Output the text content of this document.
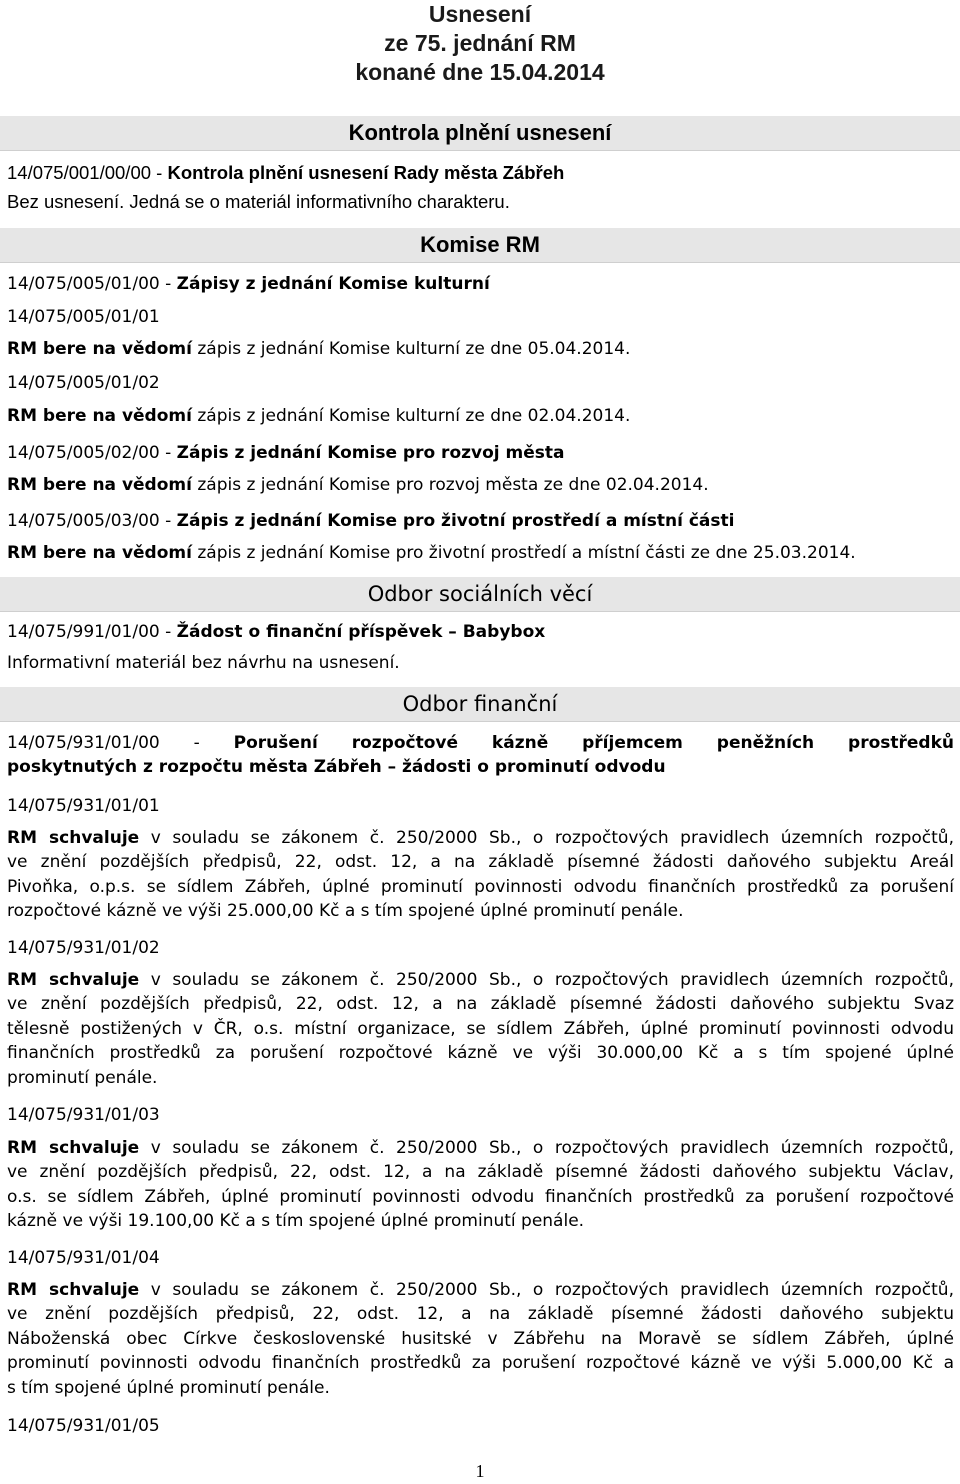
Usnesení
ze 75. jednání RM
konané dne 15.04.2014
Kontrola plnění usnesení
14/075/001/00/00 - Kontrola plnění usnesení Rady města Zábřeh
Bez usnesení. Jedná se o materiál informativního charakteru.
Komise RM
14/075/005/01/00 - Zápisy z jednání Komise kulturní
14/075/005/01/01
RM bere na vědomí zápis z jednání Komise kulturní ze dne 05.04.2014.
14/075/005/01/02
RM bere na vědomí zápis z jednání Komise kulturní ze dne 02.04.2014.
14/075/005/02/00 - Zápis z jednání Komise pro rozvoj města
RM bere na vědomí zápis z jednání Komise pro rozvoj města ze dne 02.04.2014.
14/075/005/03/00 - Zápis z jednání Komise pro životní prostředí a místní části
RM bere na vědomí zápis z jednání Komise pro životní prostředí a místní části ze dne 25.03.2014.
Odbor sociálních věcí
14/075/991/01/00 - Žádost o finanční příspěvek – Babybox
Informativní materiál bez návrhu na usnesení.
Odbor finanční
14/075/931/01/00 - Porušení rozpočtové kázně příjemcem peněžních prostředků
poskytnutých z rozpočtu města Zábřeh – žádosti o prominutí odvodu
14/075/931/01/01
RM schvaluje v souladu se zákonem č. 250/2000 Sb., o rozpočtových pravidlech územních rozpočtů,
ve znění pozdějších předpisů, 22, odst. 12, a na základě písemné žádosti daňového subjektu Areál
Pivoňka, o.p.s. se sídlem Zábřeh, úplné prominutí povinnosti odvodu finančních prostředků za porušení
rozpočtové kázně ve výši 25.000,00 Kč a s tím spojené úplné prominutí penále.
14/075/931/01/02
RM schvaluje v souladu se zákonem č. 250/2000 Sb., o rozpočtových pravidlech územních rozpočtů,
ve znění pozdějších předpisů, 22, odst. 12, a na základě písemné žádosti daňového subjektu Svaz
tělesně postižených v ČR, o.s. místní organizace, se sídlem Zábřeh, úplné prominutí povinnosti odvodu
finančních prostředků za porušení rozpočtové kázně ve výši 30.000,00 Kč a s tím spojené úplné
prominutí penále.
14/075/931/01/03
RM schvaluje v souladu se zákonem č. 250/2000 Sb., o rozpočtových pravidlech územních rozpočtů,
ve znění pozdějších předpisů, 22, odst. 12, a na základě písemné žádosti daňového subjektu Václav,
o.s. se sídlem Zábřeh, úplné prominutí povinnosti odvodu finančních prostředků za porušení rozpočtové
kázně ve výši 19.100,00 Kč a s tím spojené úplné prominutí penále.
14/075/931/01/04
RM schvaluje v souladu se zákonem č. 250/2000 Sb., o rozpočtových pravidlech územních rozpočtů,
ve znění pozdějších předpisů, 22, odst. 12, a na základě písemné žádosti daňového subjektu
Náboženská obec Církve československé husitské v Zábřehu na Moravě se sídlem Zábřeh, úplné
prominutí povinnosti odvodu finančních prostředků za porušení rozpočtové kázně ve výši 5.000,00 Kč a
s tím spojené úplné prominutí penále.
14/075/931/01/05
1
